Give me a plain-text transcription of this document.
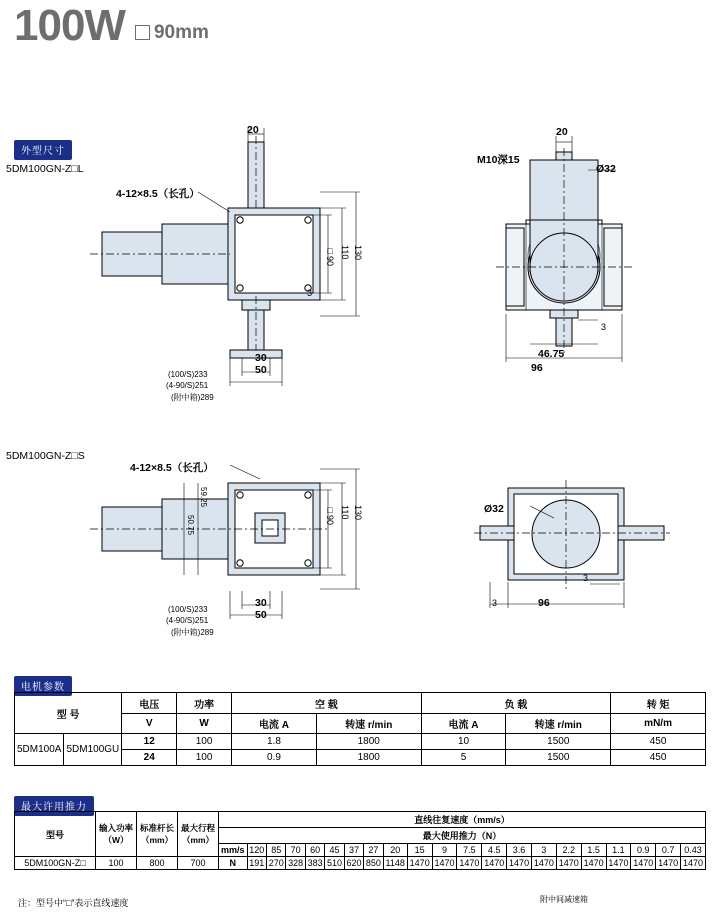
100W 90mm
外型尺寸
5DM100GN-Z□L
20
4-12×8.5（长孔）
□90 110 130
3
30
50
(100/S)233
(4-90/S)251
(附中箱)289
20
M10深15
Ø32
3
46.75
96
5DM100GN-Z□S
4-12×8.5（长孔）
59.25
50.75	□90 110 130
30
50
(100/S)233
(4-90/S)251
(附中箱)289
Ø32
3
3	96
电机参数
型 号		电压	功率	空 载		负 载		转 矩
		V	W	电流 A	转速 r/min	电流 A	转速 r/min	mN/m
5DM100A	5DM100GU	12	100	1.8	1800	10	1500	450
		24	100	0.9	1800	5	1500	450
最大许用推力
型号	输入功率（W）	标准杆长（mm）	最大行程（mm）	直线往复速度（mm/s）																				
				最大使用推力（N）																				
				mm/s	120	85	70	60	45	37	27	20	15	9	7.5	4.5	3.6	3	2.2	1.5	1.1	0.9	0.7	0.43
5DM100GN-Z□	100	800	700	N	191	270	328	383	510	620	850	1148	1470	1470	1470	1470	1470	1470	1470	1470	1470	1470	1470	1470
附中间减速箱
注：型号中“□”表示直线速度
